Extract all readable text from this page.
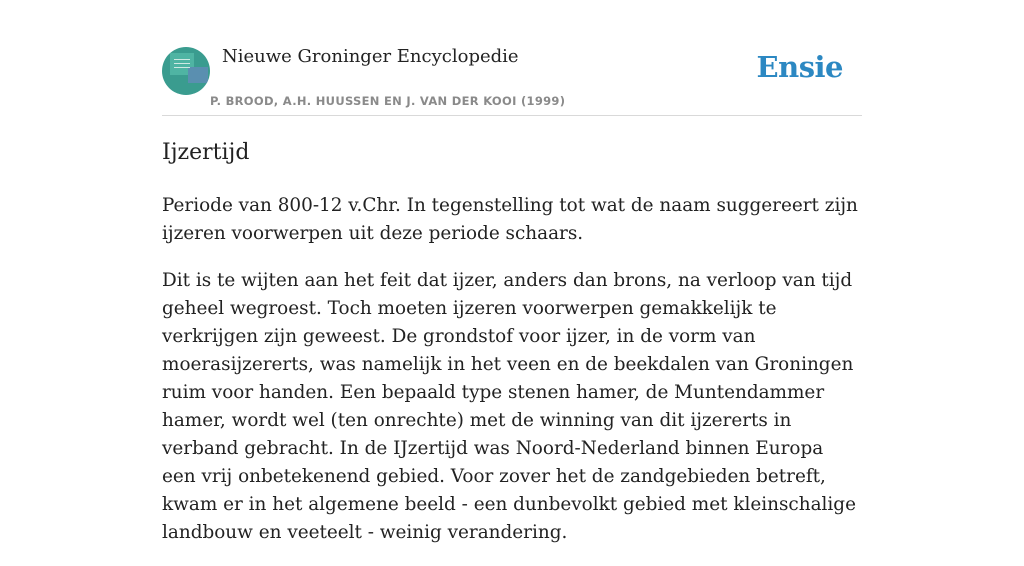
Nieuwe Groninger Encyclopedie
P. BROOD, A.H. HUUSSEN EN J. VAN DER KOOI (1999)
Ensie
Ijzertijd

Periode van 800-12 v.Chr. In tegenstelling tot wat de naam suggereert zijn ijzeren voorwerpen uit deze periode schaars.

Dit is te wijten aan het feit dat ijzer, anders dan brons, na verloop van tijd geheel wegroest. Toch moeten ijzeren voorwerpen gemakkelijk te verkrijgen zijn geweest. De grondstof voor ijzer, in de vorm van moerasijzererts, was namelijk in het veen en de beekdalen van Groningen ruim voor handen. Een bepaald type stenen hamer, de Muntendammer hamer, wordt wel (ten onrechte) met de winning van dit ijzererts in verband gebracht. In de IJzertijd was Noord-Nederland binnen Europa een vrij onbetekenend gebied. Voor zover het de zandgebieden betreft, kwam er in het algemene beeld - een dunbevolkt gebied met kleinschalige landbouw en veeteelt - weinig verandering.
